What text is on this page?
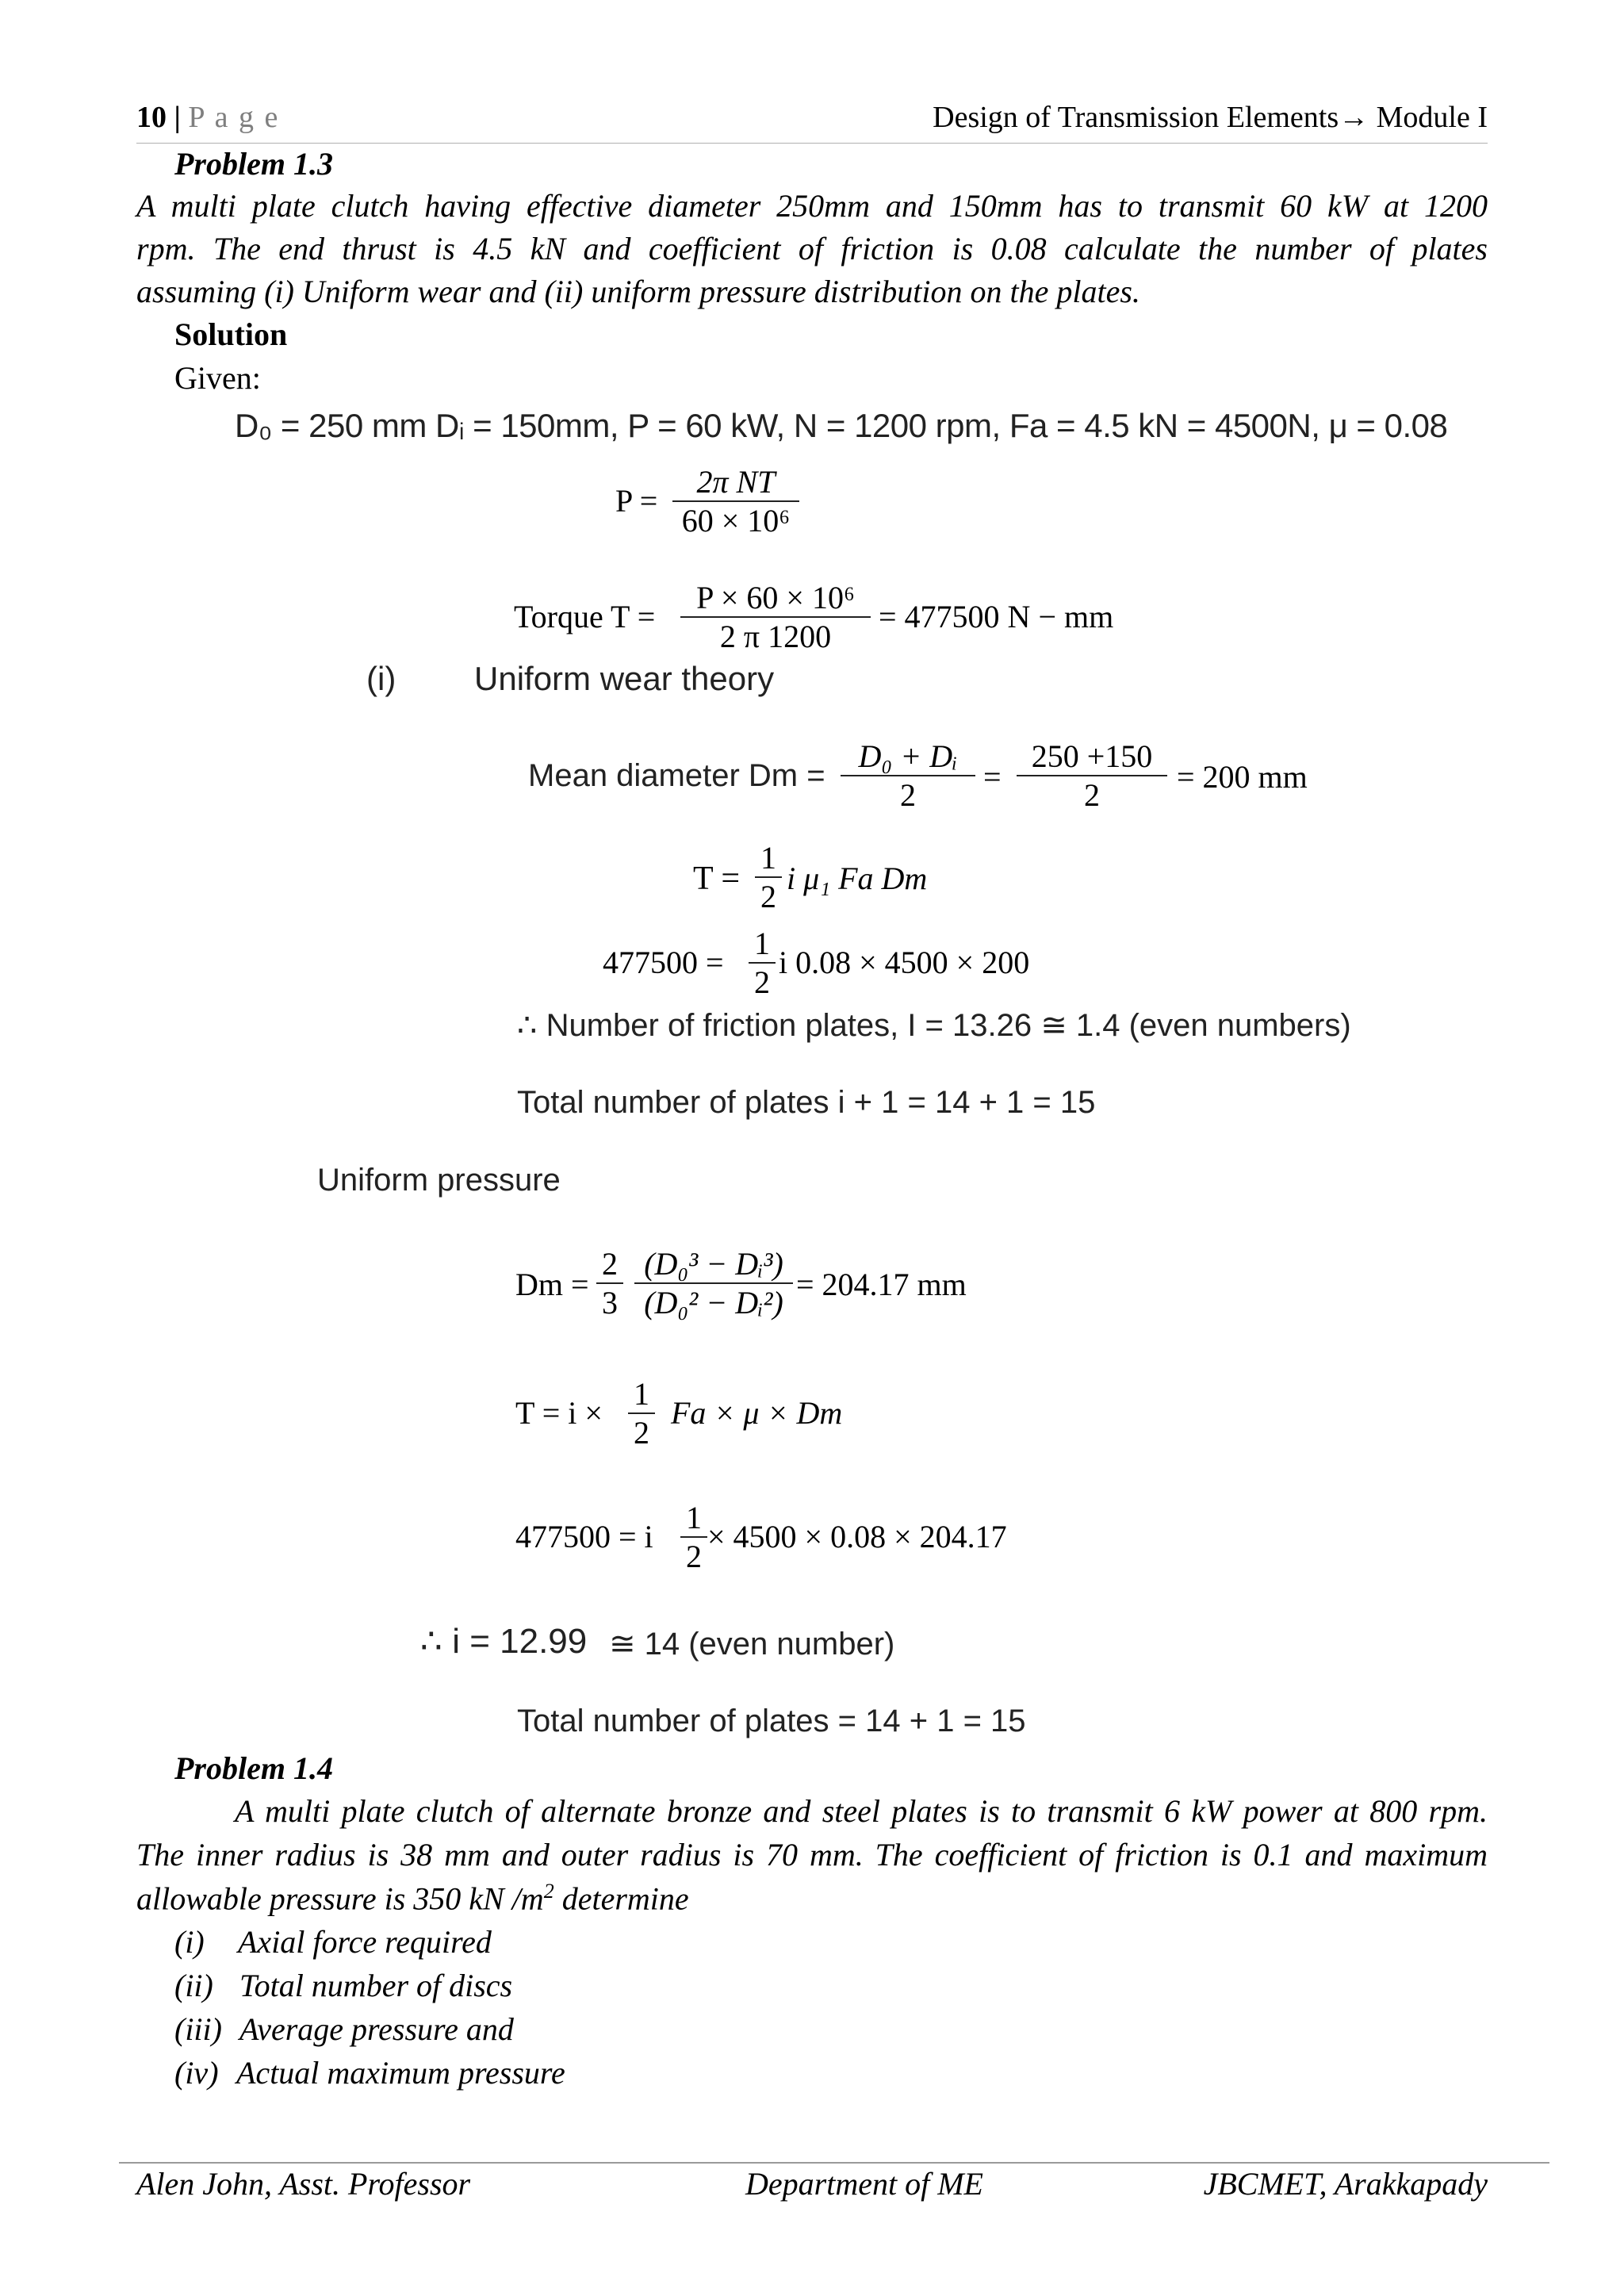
10 | P a g e	Design of Transmission Elements→ Module I
Problem 1.3
A multi plate clutch having effective diameter 250mm and 150mm has to transmit 60 kW at 1200
rpm. The end thrust is 4.5 kN and coefficient of friction is 0.08 calculate the number of plates
assuming (i) Uniform wear and (ii) uniform pressure distribution on the plates.
Solution
Given:
D₀ = 250 mm Dᵢ = 150mm, P = 60 kW, N = 1200 rpm, Fa = 4.5 kN = 4500N, μ = 0.08
P =
2π NT
60 × 10⁶
Torque T =
P × 60 × 10⁶
2 π 1200
= 477500 N − mm
(i) Uniform wear theory
Mean diameter Dm =
D₀ + Dᵢ
2
=
250 +150
2
= 200 mm
T =
1
2
i μ₁ Fa Dm
477500 =
1
2
i 0.08 × 4500 × 200
∴ Number of friction plates, I = 13.26 ≅ 1.4 (even numbers)
Total number of plates i + 1 = 14 + 1 = 15
Uniform pressure
Dm =
2
3
(D₀³ − Dᵢ³)
(D₀² − Dᵢ²)
= 204.17 mm
T = i ×
1
2
Fa × μ × Dm
477500 = i
1
2
× 4500 × 0.08 × 204.17
∴ i = 12.99 ≅ 14 (even number)
Total number of plates = 14 + 1 = 15
Problem 1.4
A multi plate clutch of alternate bronze and steel plates is to transmit 6 kW power at 800 rpm.
The inner radius is 38 mm and outer radius is 70 mm. The coefficient of friction is 0.1 and maximum
allowable pressure is 350 kN $/m^2$ determine
(i) Axial force required
(ii) Total number of discs
(iii) Average pressure and
(iv) Actual maximum pressure
Alen John, Asst. Professor	Department of ME	JBCMET, Arakkapady
